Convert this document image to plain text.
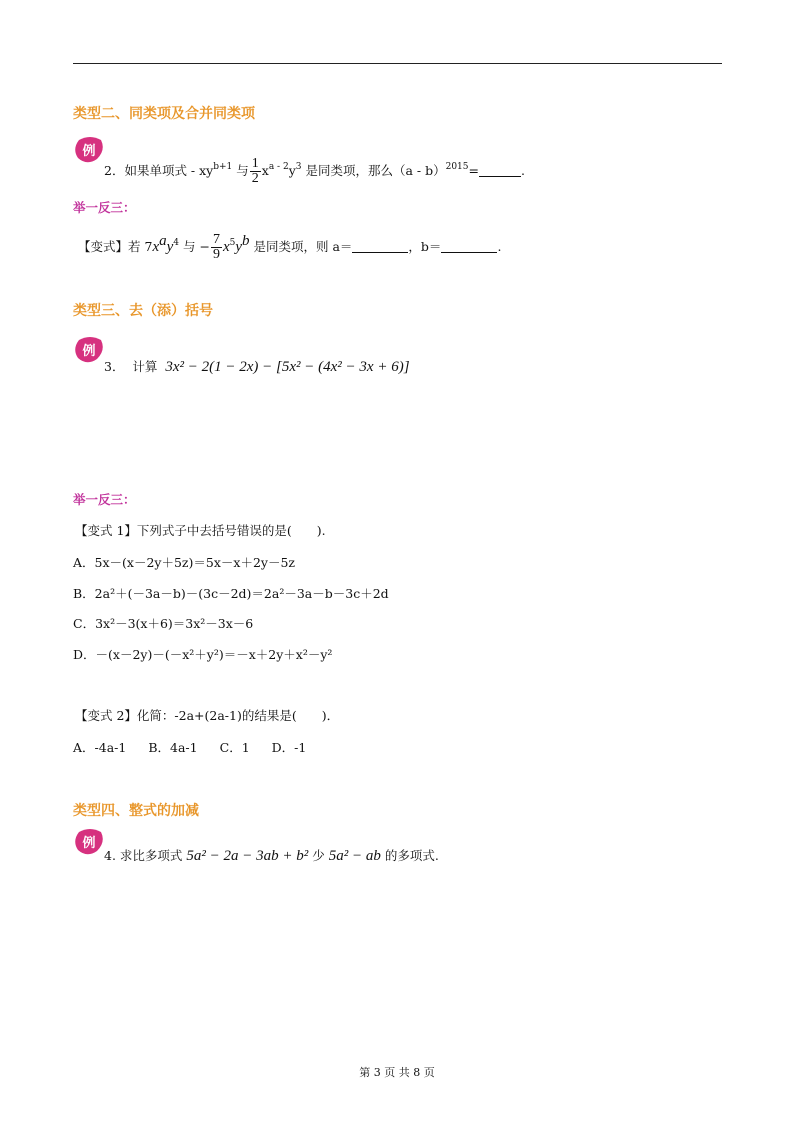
类型二、同类项及合并同类项
例
2．如果单项式 - $xy^{b+1}$ 与 $\frac{1}{2} x^{a - 2}y^3$ 是同类项，那么（a - b）$^{2015}$=	.
举一反三：
【变式】若 $7x^ay^4$ 与 − $\frac{7}{9} x^5y^b$ 是同类项，则 a＝	，b＝	.
类型三、去（添）括号
例
3． 计算 3x² − 2(1 − 2x) − [5x² − (4x² − 3x + 6)]
举一反三：
【变式 1】下列式子中去括号错误的是(　　).
A．5x－(x－2y＋5z)＝5x－x＋2y－5z
B．2a²＋(－3a－b)－(3c－2d)＝2a²－3a－b－3c＋2d
C．3x²－3(x＋6)＝3x²－3x－6
D．－(x－2y)－(－x²＋y²)＝－x＋2y＋x²－y²
【变式 2】化简：-2a+(2a-1)的结果是(　　)．
A．-4a-1 B．4a-1 C．1 D．-1
类型四、整式的加减
例
4. 求比多项式 5a² − 2a − 3ab + b² 少 5a² − ab 的多项式.
第 3 页 共 8 页
